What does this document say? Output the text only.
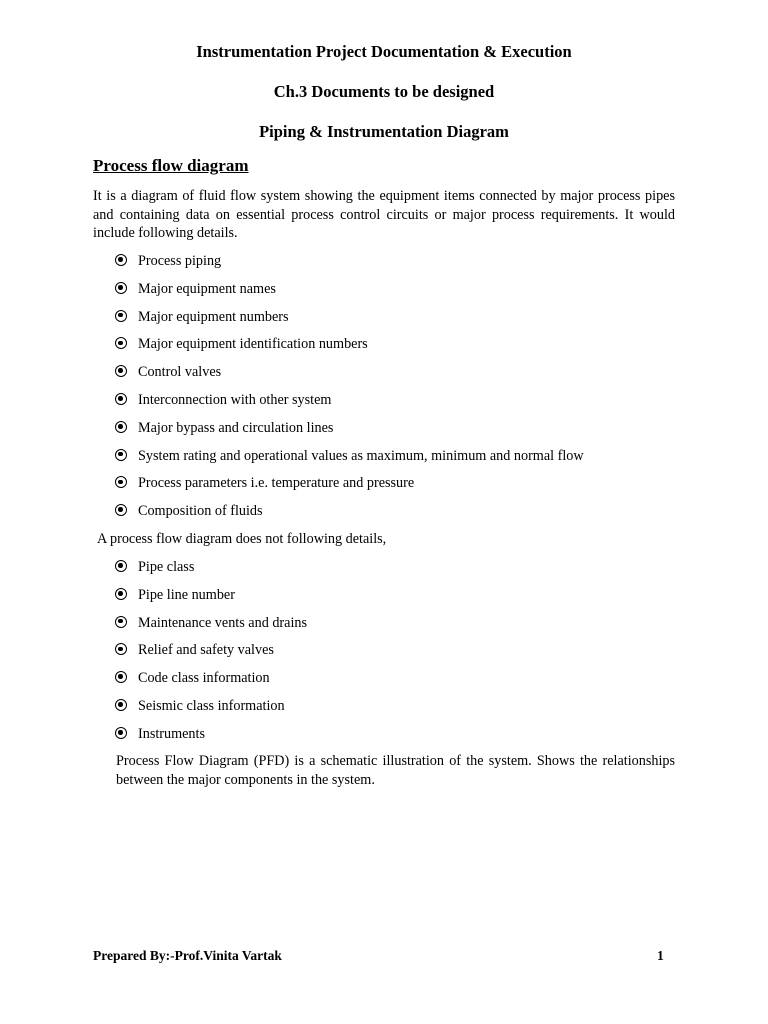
Instrumentation Project Documentation & Execution
Ch.3 Documents to be designed
Piping & Instrumentation Diagram
Process flow diagram
It is a diagram of fluid flow system showing the equipment items connected by major process pipes and containing data on essential process control circuits or major process requirements. It would include following details.
Process piping
Major equipment names
Major equipment numbers
Major equipment identification numbers
Control valves
Interconnection with other system
Major bypass and circulation lines
System rating and operational values as maximum, minimum and normal flow
Process parameters i.e. temperature and pressure
Composition of fluids
A process flow diagram does not following details,
Pipe class
Pipe line number
Maintenance vents and drains
Relief and safety valves
Code class information
Seismic class information
Instruments
Process Flow Diagram (PFD) is a schematic illustration of the system. Shows the relationships between the major components in the system.
Prepared By:-Prof.Vinita Vartak	1
